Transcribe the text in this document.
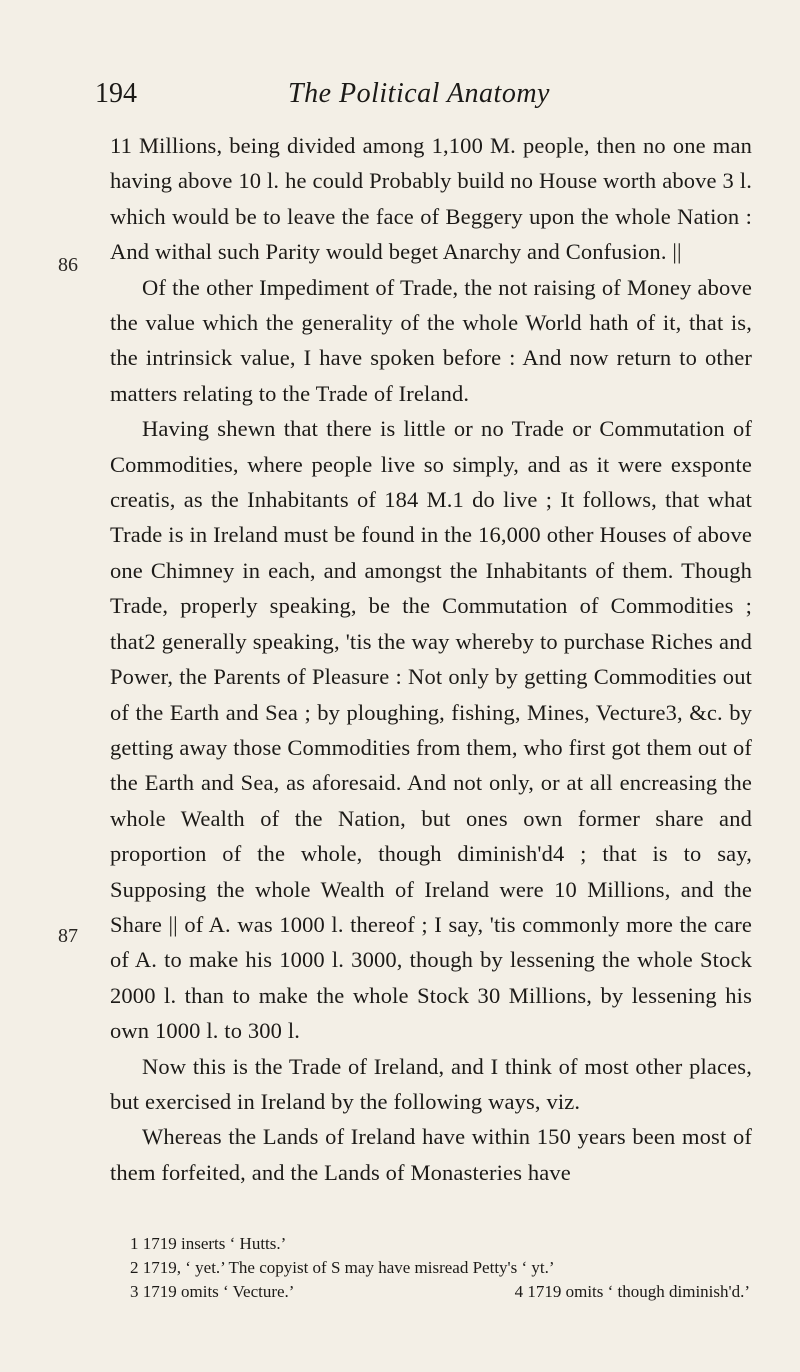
194	The Political Anatomy
86
87

11 Millions, being divided among 1,100 M. people, then no one man having above 10 l. he could Probably build no House worth above 3 l. which would be to leave the face of Beggery upon the whole Nation : And withal such Parity would beget Anarchy and Confusion. ||

Of the other Impediment of Trade, the not raising of Money above the value which the generality of the whole World hath of it, that is, the intrinsick value, I have spoken before : And now return to other matters relating to the Trade of Ireland.

Having shewn that there is little or no Trade or Commutation of Commodities, where people live so simply, and as it were exsponte creatis, as the Inhabitants of 184 M.1 do live ; It follows, that what Trade is in Ireland must be found in the 16,000 other Houses of above one Chimney in each, and amongst the Inhabitants of them. Though Trade, properly speaking, be the Commutation of Commodities ; that2 generally speaking, 'tis the way whereby to purchase Riches and Power, the Parents of Pleasure : Not only by getting Commodities out of the Earth and Sea ; by ploughing, fishing, Mines, Vecture3, &c. by getting away those Commodities from them, who first got them out of the Earth and Sea, as aforesaid. And not only, or at all encreasing the whole Wealth of the Nation, but ones own former share and proportion of the whole, though diminish'd4 ; that is to say, Supposing the whole Wealth of Ireland were 10 Millions, and the Share || of A. was 1000 l. thereof ; I say, 'tis commonly more the care of A. to make his 1000 l. 3000, though by lessening the whole Stock 2000 l. than to make the whole Stock 30 Millions, by lessening his own 1000 l. to 300 l.

Now this is the Trade of Ireland, and I think of most other places, but exercised in Ireland by the following ways, viz.

Whereas the Lands of Ireland have within 150 years been most of them forfeited, and the Lands of Monasteries have

1 1719 inserts ‘ Hutts.’

2 1719, ‘ yet.’ The copyist of S may have misread Petty's ‘ yt.’

3 1719 omits ‘ Vecture.’	4 1719 omits ‘ though diminish'd.’
